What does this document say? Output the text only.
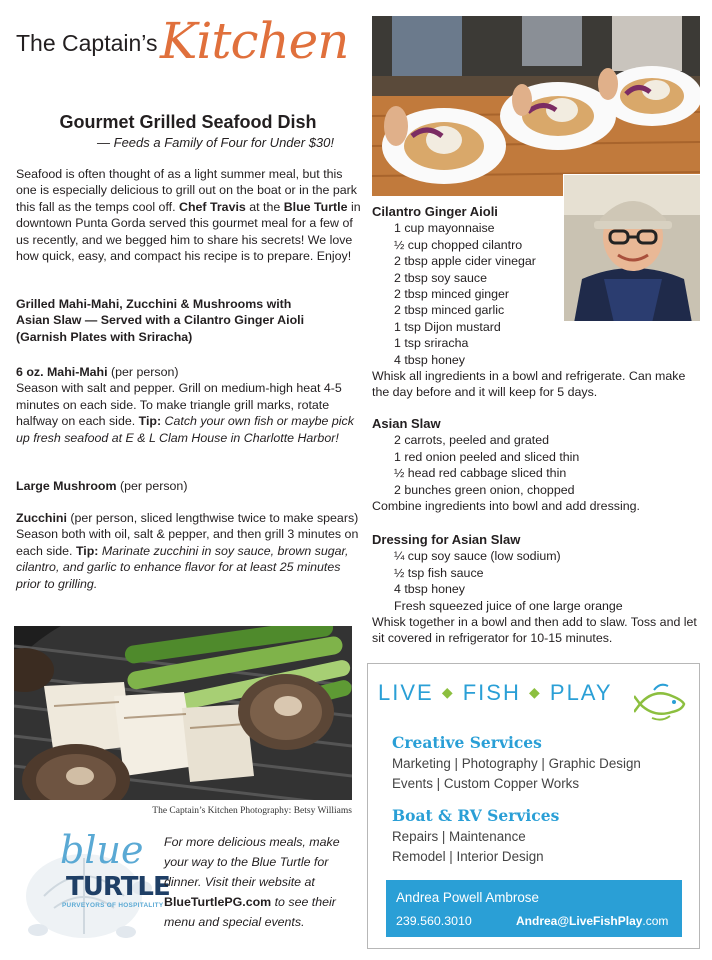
The Captain’s Kitchen
Gourmet Grilled Seafood Dish
— Feeds a Family of Four for Under $30!

Seafood is often thought of as a light summer meal, but this one is especially delicious to grill out on the boat or in the park this fall as the temps cool off. Chef Travis at the Blue Turtle in downtown Punta Gorda served this gourmet meal for a few of us recently, and we begged him to share his secrets! We love how quick, easy, and compact his recipe is to prepare. Enjoy!

Grilled Mahi-Mahi, Zucchini & Mushrooms with
Asian Slaw — Served with a Cilantro Ginger Aioli
(Garnish Plates with Sriracha)

6 oz. Mahi-Mahi (per person)
Season with salt and pepper. Grill on medium-high heat 4-5 minutes on each side. To make triangle grill marks, rotate halfway on each side. Tip: Catch your own fish or maybe pick up fresh seafood at E & L Clam House in Charlotte Harbor!

Large Mushroom (per person)

Zucchini (per person, sliced lengthwise twice to make spears)
Season both with oil, salt & pepper, and then grill 3 minutes on each side. Tip: Marinate zucchini in soy sauce, brown sugar, cilantro, and garlic to enhance flavor for at least 25 minutes prior to grilling.

The Captain’s Kitchen Photography: Betsy Williams
blue
TURTLE
PURVEYORS OF HOSPITALITY

For more delicious meals, make your way to the Blue Turtle for dinner. Visit their website at BlueTurtlePG.com to see their menu and special events.

Cilantro Ginger Aioli
1 cup mayonnaise
½ cup chopped cilantro
2 tbsp apple cider vinegar
2 tbsp soy sauce
2 tbsp minced ginger
2 tbsp minced garlic
1 tsp Dijon mustard
1 tsp sriracha
4 tbsp honey
Whisk all ingredients in a bowl and refrigerate. Can make the day before and it will keep for 5 days.
Asian Slaw
2 carrots, peeled and grated
1 red onion peeled and sliced thin
½ head red cabbage sliced thin
2 bunches green onion, chopped
Combine ingredients into bowl and add dressing.
Dressing for Asian Slaw
¼ cup soy sauce (low sodium)
½ tsp fish sauce
4 tbsp honey
Fresh squeezed juice of one large orange
Whisk together in a bowl and then add to slaw. Toss and let sit covered in refrigerator for 10-15 minutes.
LIVE ◆ FISH ◆ PLAY
Creative Services
Marketing | Photography | Graphic Design
Events | Custom Copper Works
Boat & RV Services
Repairs | Maintenance
Remodel | Interior Design
Andrea Powell Ambrose
239.560.3010	Andrea@LiveFishPlay.com
